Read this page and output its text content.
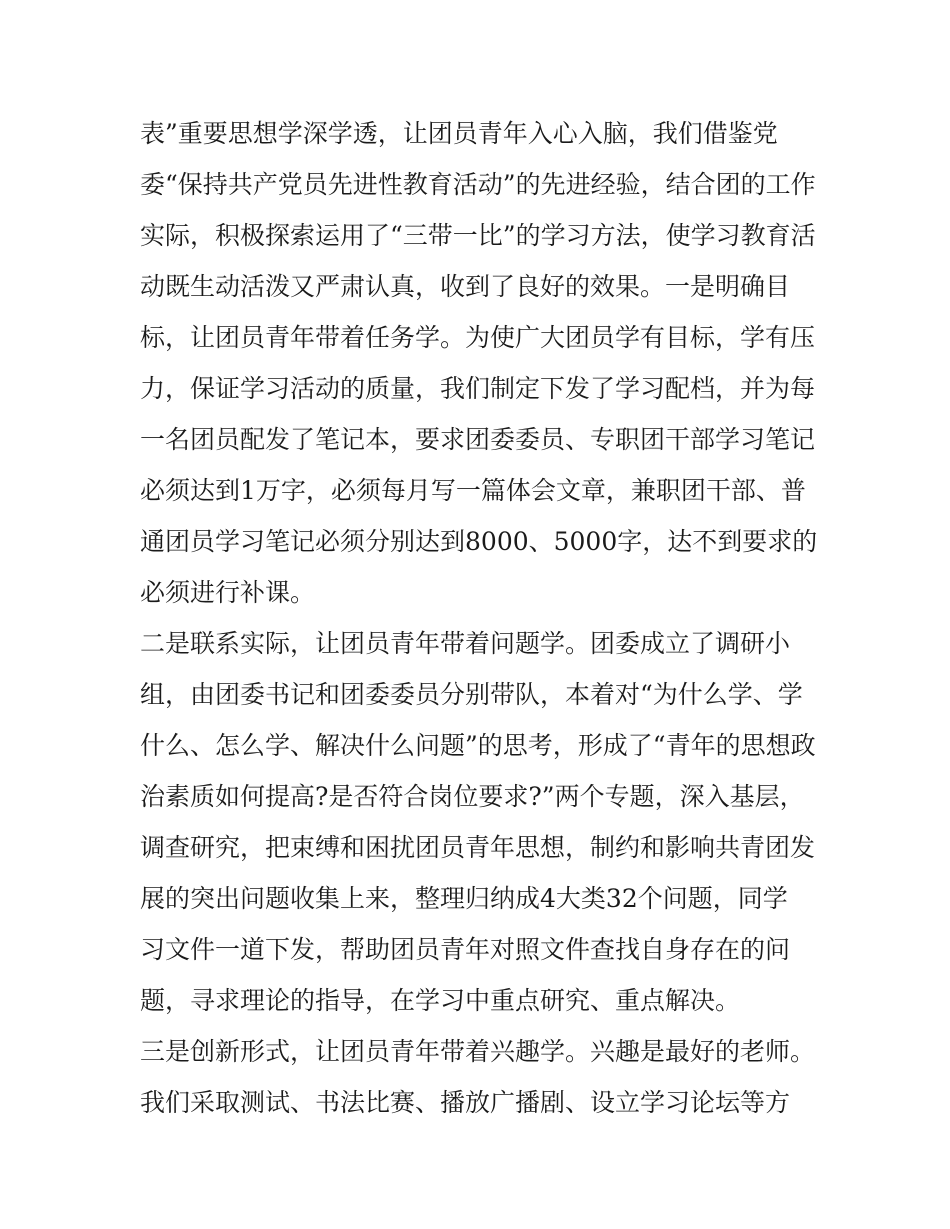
表”重要思想学深学透，让团员青年入心入脑，我们借鉴党
委“保持共产党员先进性教育活动”的先进经验，结合团的工作
实际，积极探索运用了“三带一比”的学习方法，使学习教育活
动既生动活泼又严肃认真，收到了良好的效果。一是明确目
标，让团员青年带着任务学。为使广大团员学有目标，学有压
力，保证学习活动的质量，我们制定下发了学习配档，并为每
一名团员配发了笔记本，要求团委委员、专职团干部学习笔记
必须达到1万字，必须每月写一篇体会文章，兼职团干部、普
通团员学习笔记必须分别达到8000、5000字，达不到要求的
必须进行补课。
二是联系实际，让团员青年带着问题学。团委成立了调研小
组，由团委书记和团委委员分别带队，本着对“为什么学、学
什么、怎么学、解决什么问题”的思考，形成了“青年的思想政
治素质如何提高?是否符合岗位要求?”两个专题，深入基层，
调查研究，把束缚和困扰团员青年思想，制约和影响共青团发
展的突出问题收集上来，整理归纳成4大类32个问题，同学
习文件一道下发，帮助团员青年对照文件查找自身存在的问
题，寻求理论的指导，在学习中重点研究、重点解决。
三是创新形式，让团员青年带着兴趣学。兴趣是最好的老师。
我们采取测试、书法比赛、播放广播剧、设立学习论坛等方
